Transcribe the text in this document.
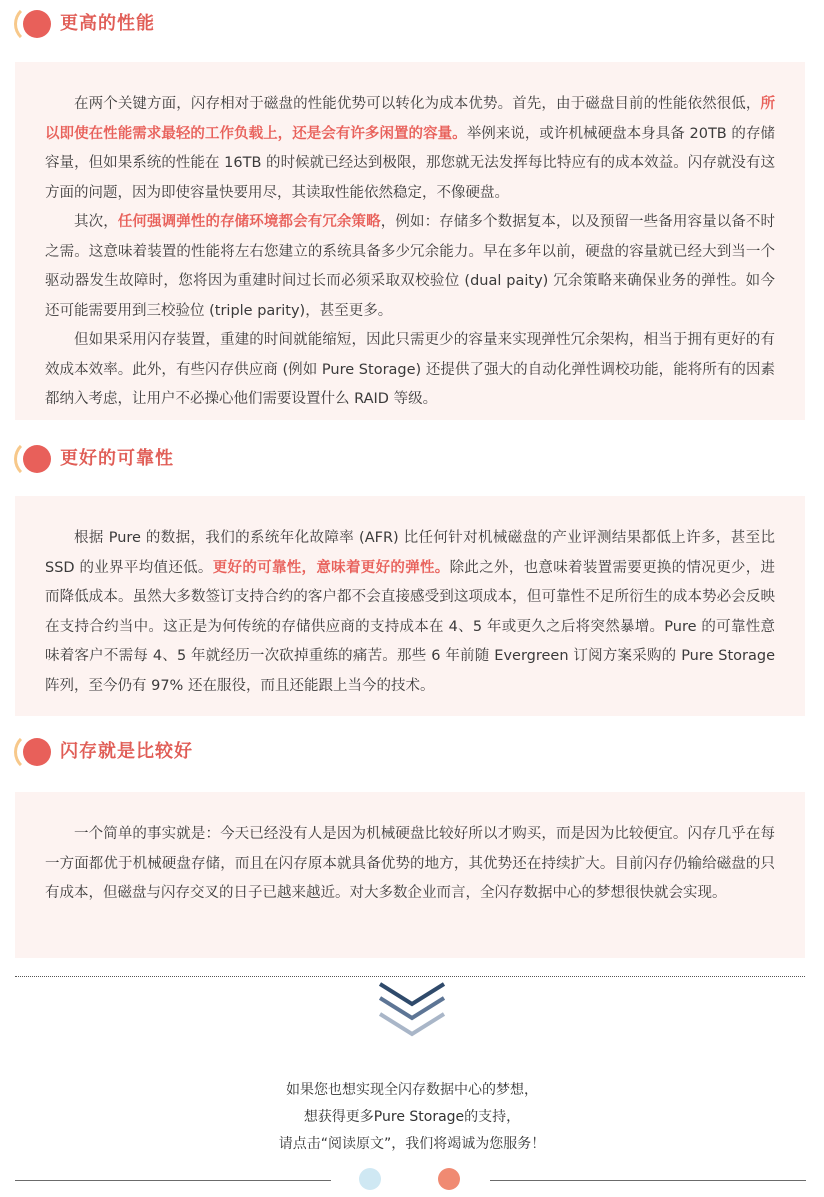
更高的性能

在两个关键方面，闪存相对于磁盘的性能优势可以转化为成本优势。首先，由于磁盘目前的性能依然很低，所以即使在性能需求最轻的工作负载上，还是会有许多闲置的容量。举例来说，或许机械硬盘本身具备 20TB 的存储容量，但如果系统的性能在 16TB 的时候就已经达到极限，那您就无法发挥每比特应有的成本效益。闪存就没有这方面的问题，因为即使容量快要用尽，其读取性能依然稳定，不像硬盘。

其次，任何强调弹性的存储环境都会有冗余策略，例如：存储多个数据复本，以及预留一些备用容量以备不时之需。这意味着装置的性能将左右您建立的系统具备多少冗余能力。早在多年以前，硬盘的容量就已经大到当一个驱动器发生故障时，您将因为重建时间过长而必须采取双校验位 (dual paity) 冗余策略来确保业务的弹性。如今还可能需要用到三校验位 (triple parity)，甚至更多。

但如果采用闪存装置，重建的时间就能缩短，因此只需更少的容量来实现弹性冗余架构，相当于拥有更好的有效成本效率。此外，有些闪存供应商 (例如 Pure Storage) 还提供了强大的自动化弹性调校功能，能将所有的因素都纳入考虑，让用户不必操心他们需要设置什么 RAID 等级。

更好的可靠性

根据 Pure 的数据，我们的系统年化故障率 (AFR) 比任何针对机械磁盘的产业评测结果都低上许多，甚至比 SSD 的业界平均值还低。更好的可靠性，意味着更好的弹性。除此之外，也意味着装置需要更换的情况更少，进而降低成本。虽然大多数签订支持合约的客户都不会直接感受到这项成本，但可靠性不足所衍生的成本势必会反映在支持合约当中。这正是为何传统的存储供应商的支持成本在 4、5 年或更久之后将突然暴增。Pure 的可靠性意味着客户不需每 4、5 年就经历一次砍掉重练的痛苦。那些 6 年前随 Evergreen 订阅方案采购的 Pure Storage 阵列，至今仍有 97% 还在服役，而且还能跟上当今的技术。

闪存就是比较好

一个简单的事实就是：今天已经没有人是因为机械硬盘比较好所以才购买，而是因为比较便宜。闪存几乎在每一方面都优于机械硬盘存储，而且在闪存原本就具备优势的地方，其优势还在持续扩大。目前闪存仍输给磁盘的只有成本，但磁盘与闪存交叉的日子已越来越近。对大多数企业而言，全闪存数据中心的梦想很快就会实现。

如果您也想实现全闪存数据中心的梦想，
想获得更多Pure Storage的支持，
请点击“阅读原文”，我们将竭诚为您服务！
